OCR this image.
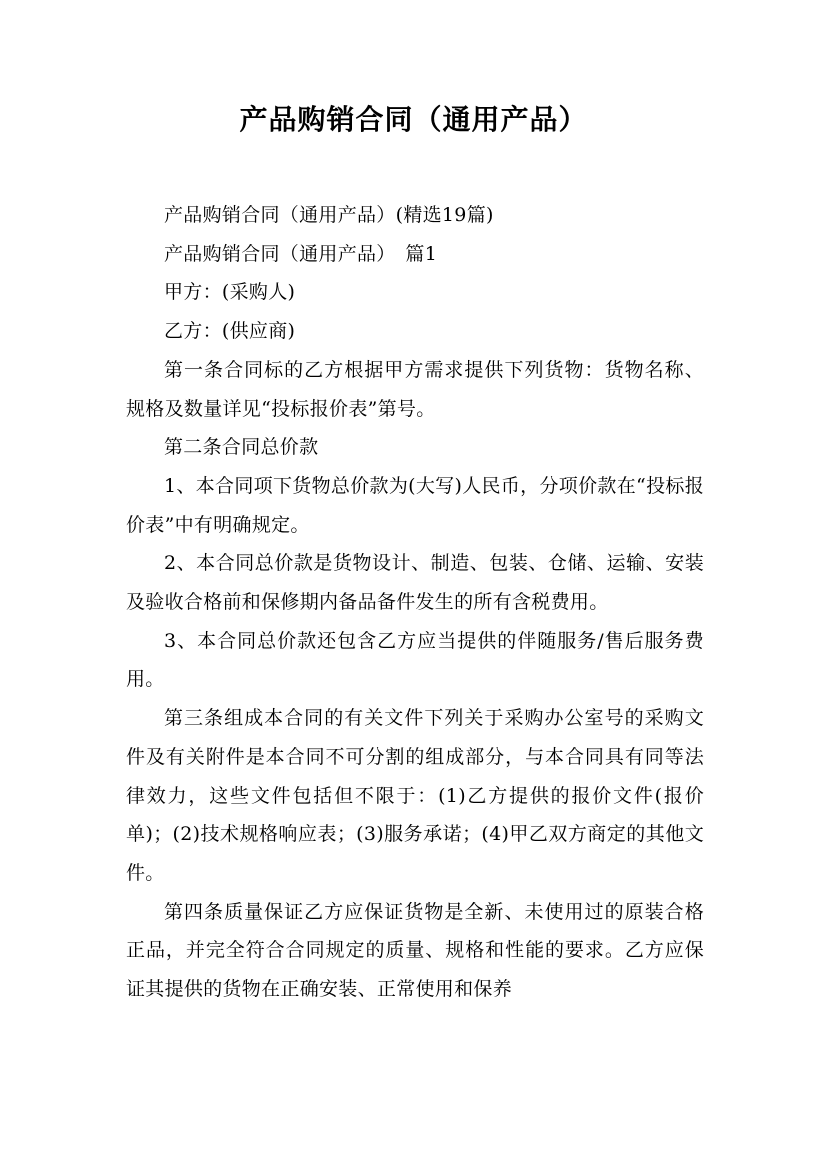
产品购销合同（通用产品）

产品购销合同（通用产品）(精选19篇)

产品购销合同（通用产品）　篇1

甲方：(采购人)

乙方：(供应商)

第一条合同标的乙方根据甲方需求提供下列货物：货物名称、规格及数量详见“投标报价表”第号。

第二条合同总价款

1、本合同项下货物总价款为(大写)人民币，分项价款在“投标报价表”中有明确规定。

2、本合同总价款是货物设计、制造、包装、仓储、运输、安装及验收合格前和保修期内备品备件发生的所有含税费用。

3、本合同总价款还包含乙方应当提供的伴随服务/售后服务费用。

第三条组成本合同的有关文件下列关于采购办公室号的采购文件及有关附件是本合同不可分割的组成部分，与本合同具有同等法律效力，这些文件包括但不限于：(1)乙方提供的报价文件(报价单)；(2)技术规格响应表；(3)服务承诺；(4)甲乙双方商定的其他文件。

第四条质量保证乙方应保证货物是全新、未使用过的原装合格正品，并完全符合合同规定的质量、规格和性能的要求。乙方应保证其提供的货物在正确安装、正常使用和保养
